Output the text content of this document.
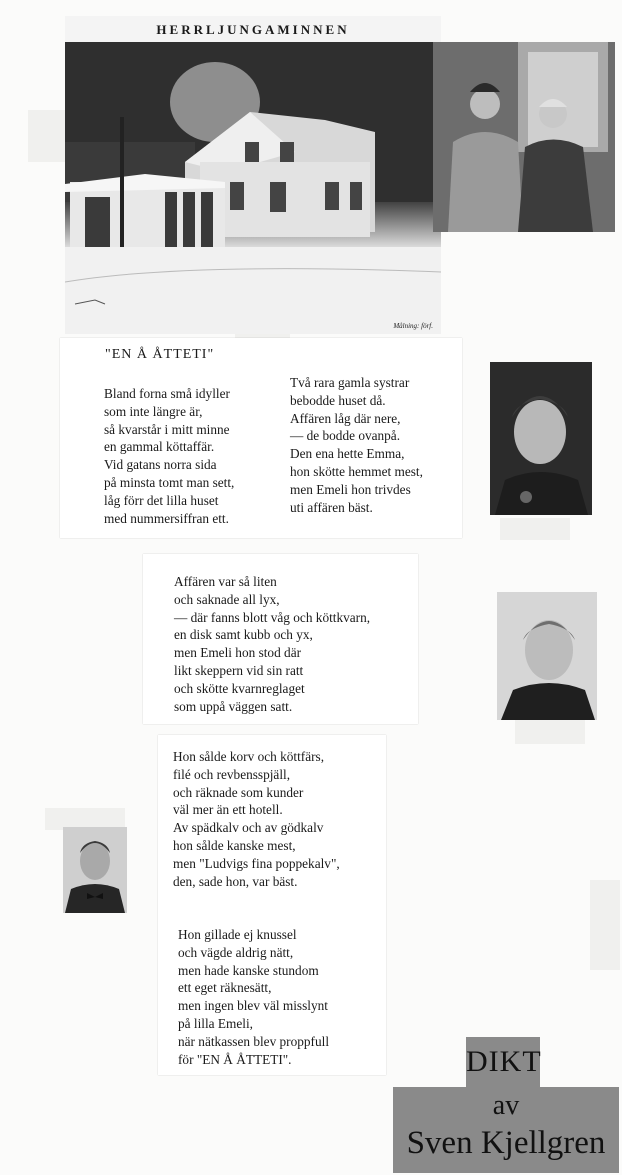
HERRLJUNGAMINNEN
Målning: förf.
"EN Å ÅTTETI"
Bland forna små idyller
som inte längre är,
så kvarstår i mitt minne
en gammal köttaffär.
Vid gatans norra sida
på minsta tomt man sett,
låg förr det lilla huset
med nummersiffran ett.
Två rara gamla systrar
bebodde huset då.
Affären låg där nere,
— de bodde ovanpå.
Den ena hette Emma,
hon skötte hemmet mest,
men Emeli hon trivdes
uti affären bäst.
Affären var så liten
och saknade all lyx,
— där fanns blott våg och köttkvarn,
en disk samt kubb och yx,
men Emeli hon stod där
likt skeppern vid sin ratt
och skötte kvarnreglaget
som uppå väggen satt.
Hon sålde korv och köttfärs,
filé och revbensspjäll,
och räknade som kunder
väl mer än ett hotell.
Av spädkalv och av gödkalv
hon sålde kanske mest,
men "Ludvigs fina poppekalv",
den, sade hon, var bäst.
Hon gillade ej knussel
och vägde aldrig nätt,
men hade kanske stundom
ett eget räknesätt,
men ingen blev väl misslynt
på lilla Emeli,
när nätkassen blev proppfull
för "EN Å ÅTTETI".	DIKT
av
Sven Kjellgren
